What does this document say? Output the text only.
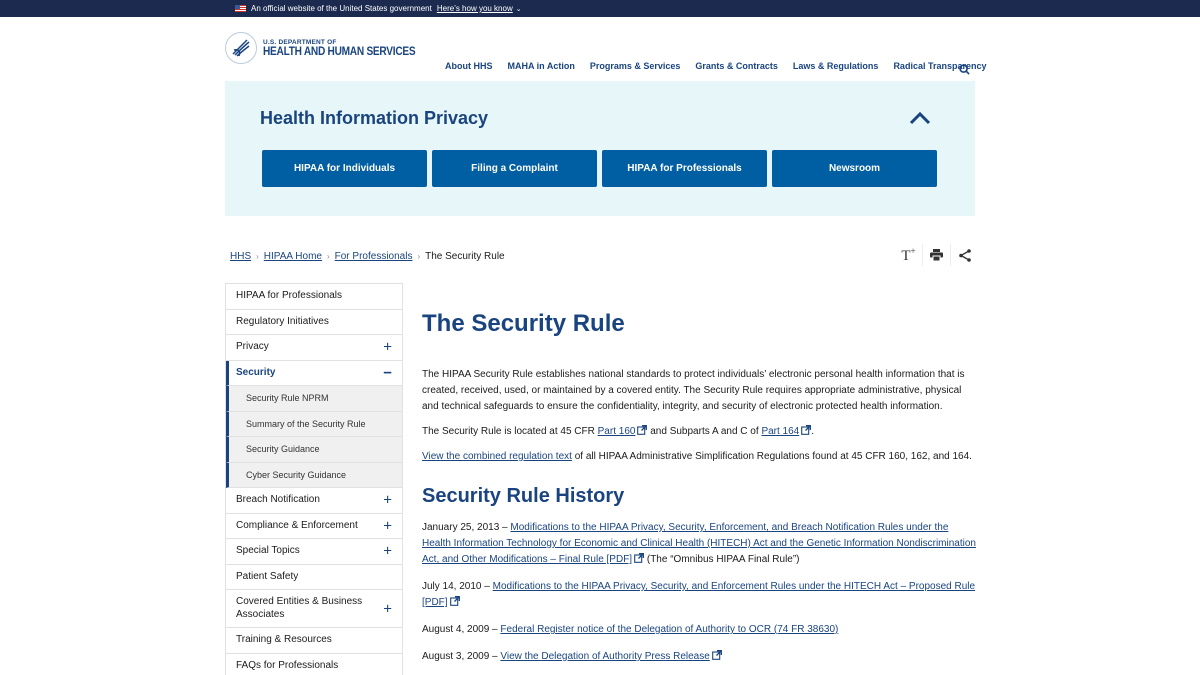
An official website of the United States government Here’s how you know ⌄
U.S. DEPARTMENT OF
HEALTH AND HUMAN SERVICES
About HHS MAHA in Action Programs & Services Grants & Contracts Laws & Regulations Radical Transparency
Health Information Privacy
HIPAA for Individuals	Filing a Complaint	HIPAA for Professionals	Newsroom
HHS › HIPAA Home › For Professionals › The Security Rule	T+
HIPAA for Professionals
Regulatory Initiatives
Privacy	+
Security	−
Security Rule NPRM
Summary of the Security Rule
Security Guidance
Cyber Security Guidance
Breach Notification	+
Compliance & Enforcement +
Special Topics	+
Patient Safety
Covered Entities & Business Associates	+
Training & Resources
FAQs for Professionals
The Security Rule

The HIPAA Security Rule establishes national standards to protect individuals’ electronic personal health information that is created, received, used, or maintained by a covered entity. The Security Rule requires appropriate administrative, physical and technical safeguards to ensure the confidentiality, integrity, and security of electronic protected health information.

The Security Rule is located at 45 CFR Part 160 and Subparts A and C of Part 164 .

View the combined regulation text of all HIPAA Administrative Simplification Regulations found at 45 CFR 160, 162, and 164.

Security Rule History

January 25, 2013 – Modifications to the HIPAA Privacy, Security, Enforcement, and Breach Notification Rules under the Health Information Technology for Economic and Clinical Health (HITECH) Act and the Genetic Information Nondiscrimination Act, and Other Modifications – Final Rule [PDF] (The “Omnibus HIPAA Final Rule”)

July 14, 2010 – Modifications to the HIPAA Privacy, Security, and Enforcement Rules under the HITECH Act – Proposed Rule [PDF]

August 4, 2009 – Federal Register notice of the Delegation of Authority to OCR (74 FR 38630)

August 3, 2009 – View the Delegation of Authority Press Release
